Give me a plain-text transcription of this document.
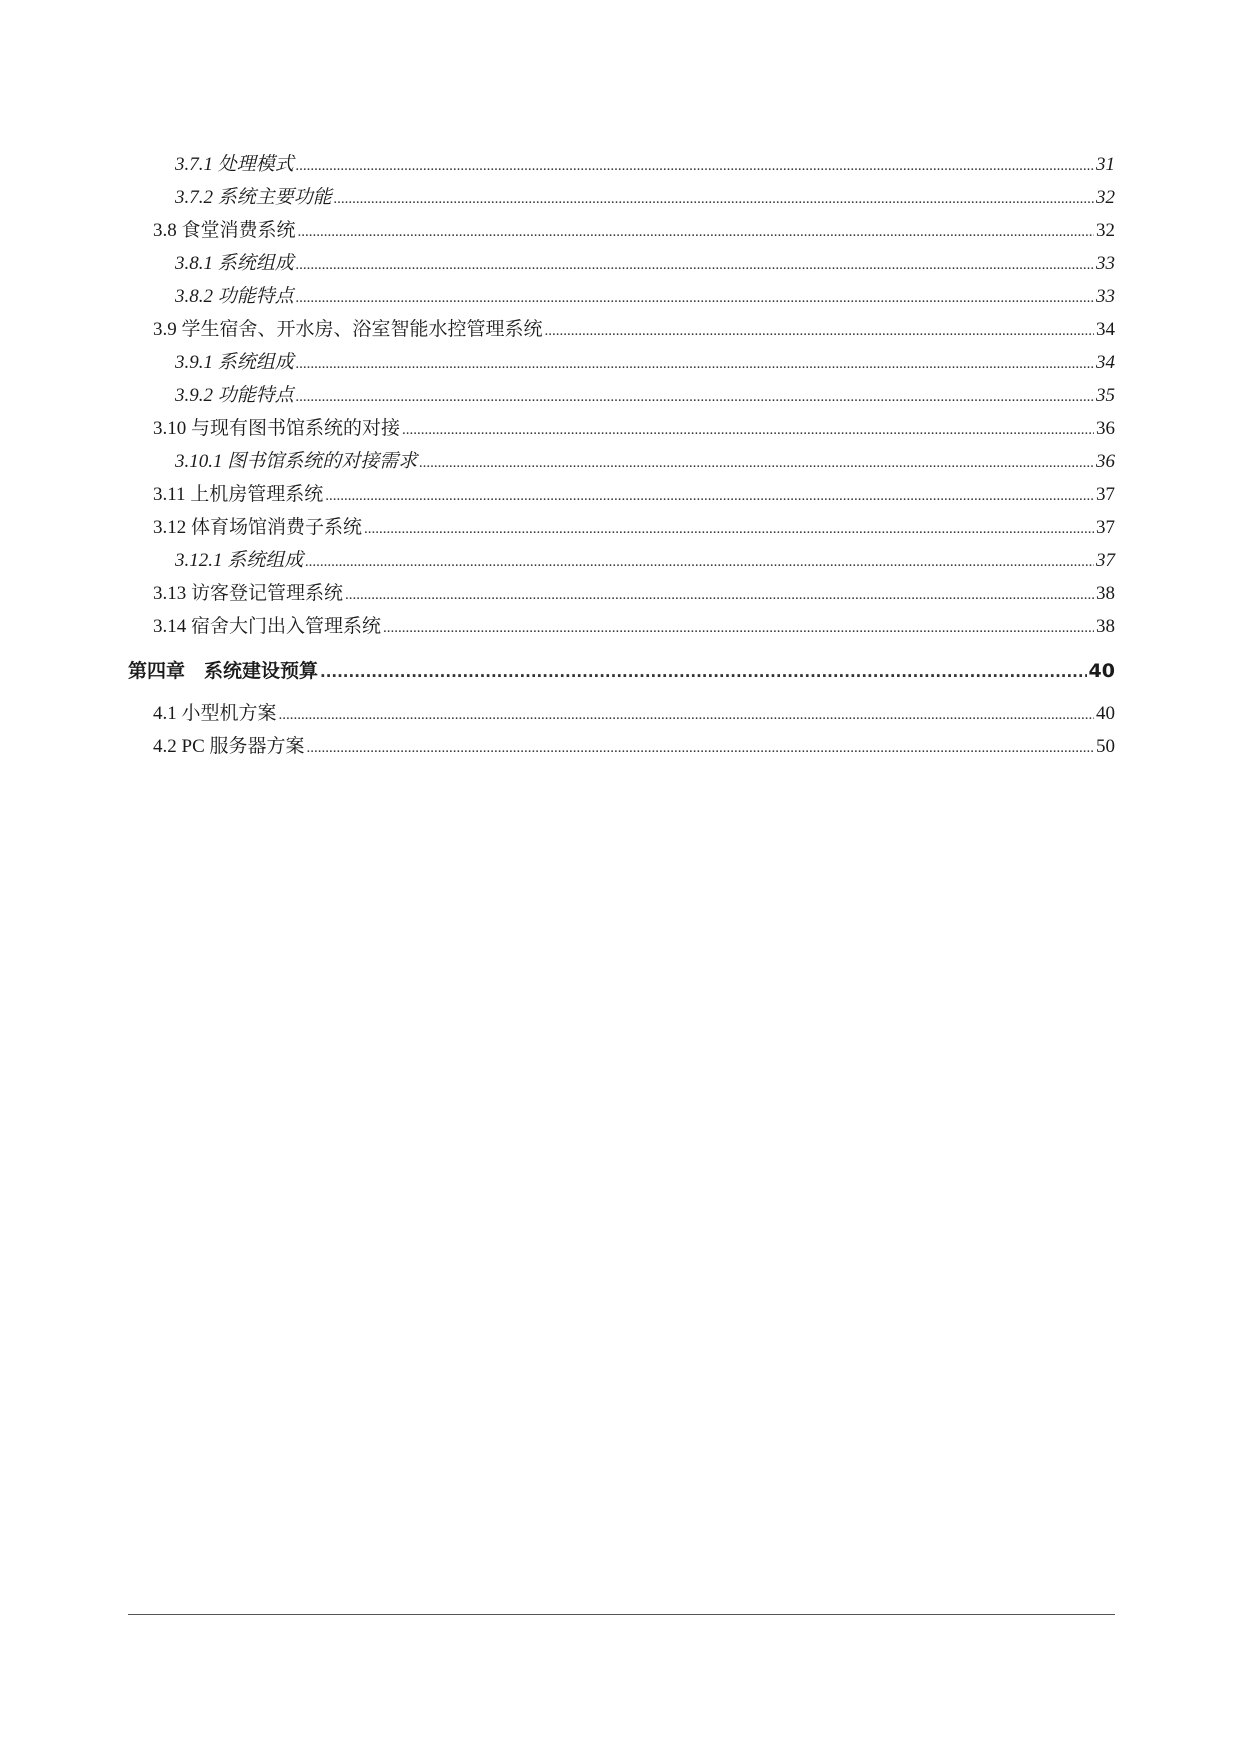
3.7.1 处理模式 .....	31
3.7.2 系统主要功能 .....	32
3.8 食堂消费系统 .....	32
3.8.1 系统组成 .....	33
3.8.2 功能特点 .....	33
3.9 学生宿舍、开水房、浴室智能水控管理系统 .....	34
3.9.1 系统组成 .....	34
3.9.2 功能特点 .....	35
3.10 与现有图书馆系统的对接 .....	36
3.10.1 图书馆系统的对接需求 .....	36
3.11 上机房管理系统 .....	37
3.12 体育场馆消费子系统 .....	37
3.12.1 系统组成 .....	37
3.13 访客登记管理系统 .....	38
3.14 宿舍大门出入管理系统 .....	38
第四章　系统建设预算 .....	40
4.1 小型机方案 .....	40
4.2 PC 服务器方案 .....	50
